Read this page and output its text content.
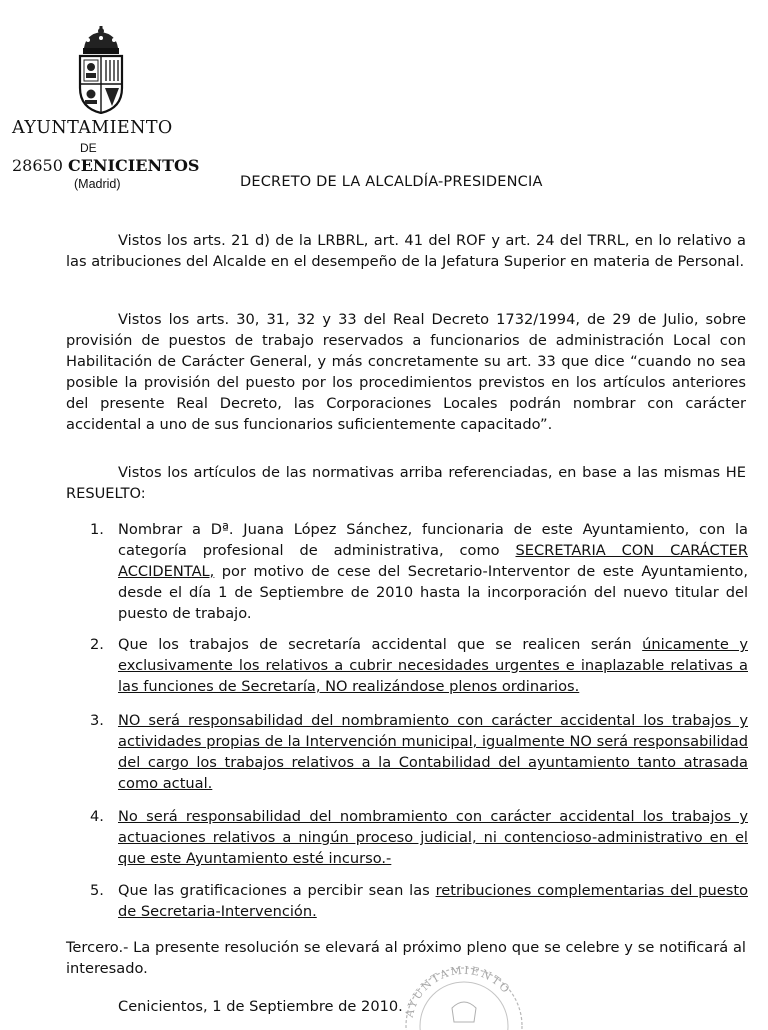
AYUNTAMIENTO
DE
28650 CENICIENTOS
(Madrid)	DECRETO DE LA ALCALDÍA-PRESIDENCIA

Vistos los arts. 21 d) de la LRBRL, art. 41 del ROF y art. 24 del TRRL, en lo relativo a las atribuciones del Alcalde en el desempeño de la Jefatura Superior en materia de Personal.

Vistos los arts. 30, 31, 32 y 33 del Real Decreto 1732/1994, de 29 de Julio, sobre provisión de puestos de trabajo reservados a funcionarios de administración Local con Habilitación de Carácter General, y más concretamente su art. 33 que dice “cuando no sea posible la provisión del puesto por los procedimientos previstos en los artículos anteriores del presente Real Decreto, las Corporaciones Locales podrán nombrar con carácter accidental a uno de sus funcionarios suficientemente capacitado”.

Vistos los artículos de las normativas arriba referenciadas, en base a las mismas HE RESUELTO:

1. Nombrar a Dª. Juana López Sánchez, funcionaria de este Ayuntamiento, con la categoría profesional de administrativa, como SECRETARIA CON CARÁCTER ACCIDENTAL, por motivo de cese del Secretario-Interventor de este Ayuntamiento, desde el día 1 de Septiembre de 2010 hasta la incorporación del nuevo titular del puesto de trabajo.
2. Que los trabajos de secretaría accidental que se realicen serán únicamente y exclusivamente los relativos a cubrir necesidades urgentes e inaplazable relativas a las funciones de Secretaría, NO realizándose plenos ordinarios.
3. NO será responsabilidad del nombramiento con carácter accidental los trabajos y actividades propias de la Intervención municipal, igualmente NO será responsabilidad del cargo los trabajos relativos a la Contabilidad del ayuntamiento tanto atrasada como actual.
4. No será responsabilidad del nombramiento con carácter accidental los trabajos y actuaciones relativos a ningún proceso judicial, ni contencioso-administrativo en el que este Ayuntamiento esté incurso.-
5. Que las gratificaciones a percibir sean las retribuciones complementarias del puesto de Secretaria-Intervención.

Tercero.- La presente resolución se elevará al próximo pleno que se celebre y se notificará al interesado.

AYUNTAMIENTO
Cenicientos, 1 de Septiembre de 2010.
